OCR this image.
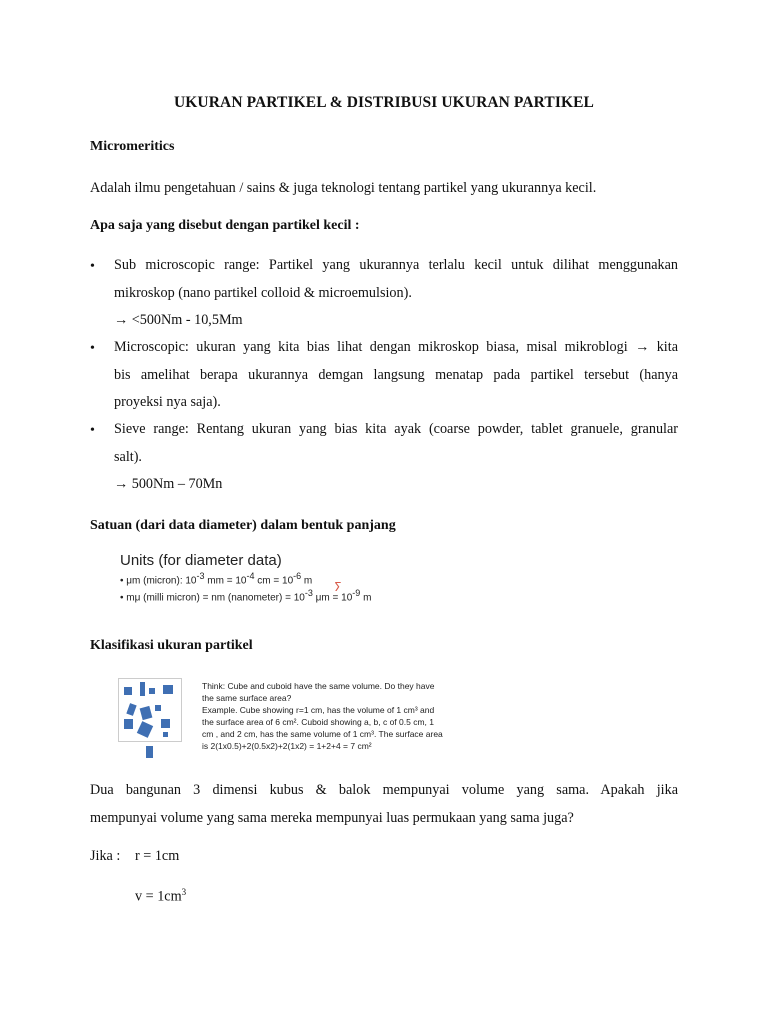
UKURAN PARTIKEL & DISTRIBUSI UKURAN PARTIKEL
Micromeritics
Adalah ilmu pengetahuan / sains & juga teknologi tentang partikel yang ukurannya kecil.
Apa saja yang disebut dengan partikel kecil :
• Sub microscopic range: Partikel yang ukurannya terlalu kecil untuk dilihat menggunakan
mikroskop (nano partikel colloid & microemulsion).
→ <500Nm - 10,5Mm
• Microscopic: ukuran yang kita bias lihat dengan mikroskop biasa, misal mikroblogi → kita
bis amelihat berapa ukurannya demgan langsung menatap pada partikel tersebut (hanya
proyeksi nya saja).
• Sieve range: Rentang ukuran yang bias kita ayak (coarse powder, tablet granuele, granular
salt).
→ 500Nm – 70Mn
Satuan (dari data diameter) dalam bentuk panjang
Units (for diameter data)
• μm (micron): $10^{-3}$ mm = $10^{-4}$ cm = $10^{-6}$ m
• mμ (milli micron) = nm (nanometer) = $10^{-3}$ $\mu m = 10^{-9}$ m
ⵢ
Klasifikasi ukuran partikel
Think: Cube and cuboid have the same volume. Do they have
the same surface area?
Example. Cube showing r=1 cm, has the volume of 1 cm³ and
the surface area of 6 cm². Cuboid showing a, b, c of 0.5 cm, 1
cm , and 2 cm, has the same volume of 1 cm³. The surface area
is 2(1x0.5)+2(0.5x2)+2(1x2) = 1+2+4 = 7 cm²
Dua bangunan 3 dimensi kubus & balok mempunyai volume yang sama. Apakah jika
mempunyai volume yang sama mereka mempunyai luas permukaan yang sama juga?
Jika : r = 1cm
$v = 1cm^3$
